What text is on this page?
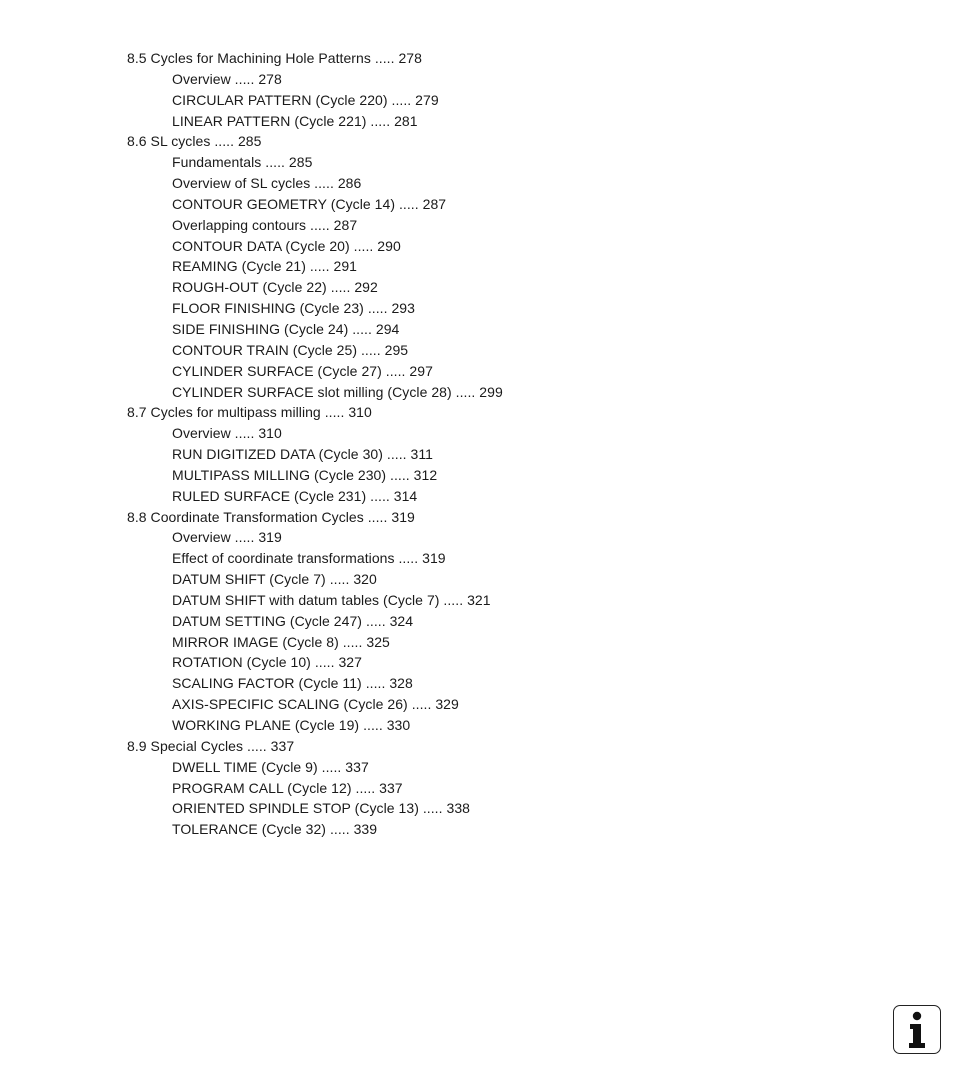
8.5 Cycles for Machining Hole Patterns ..... 278
Overview ..... 278
CIRCULAR PATTERN (Cycle 220) ..... 279
LINEAR PATTERN (Cycle 221) ..... 281
8.6 SL cycles ..... 285
Fundamentals ..... 285
Overview of SL cycles ..... 286
CONTOUR GEOMETRY (Cycle 14) ..... 287
Overlapping contours ..... 287
CONTOUR DATA (Cycle 20) ..... 290
REAMING (Cycle 21) ..... 291
ROUGH-OUT (Cycle 22) ..... 292
FLOOR FINISHING (Cycle 23) ..... 293
SIDE FINISHING (Cycle 24) ..... 294
CONTOUR TRAIN (Cycle 25) ..... 295
CYLINDER SURFACE (Cycle 27) ..... 297
CYLINDER SURFACE slot milling (Cycle 28) ..... 299
8.7 Cycles for multipass milling ..... 310
Overview ..... 310
RUN DIGITIZED DATA (Cycle 30) ..... 311
MULTIPASS MILLING (Cycle 230) ..... 312
RULED SURFACE (Cycle 231) ..... 314
8.8 Coordinate Transformation Cycles ..... 319
Overview ..... 319
Effect of coordinate transformations ..... 319
DATUM SHIFT (Cycle 7) ..... 320
DATUM SHIFT with datum tables (Cycle 7) ..... 321
DATUM SETTING (Cycle 247) ..... 324
MIRROR IMAGE (Cycle 8) ..... 325
ROTATION (Cycle 10) ..... 327
SCALING FACTOR (Cycle 11) ..... 328
AXIS-SPECIFIC SCALING (Cycle 26) ..... 329
WORKING PLANE (Cycle 19) ..... 330
8.9 Special Cycles ..... 337
DWELL TIME (Cycle 9) ..... 337
PROGRAM CALL (Cycle 12) ..... 337
ORIENTED SPINDLE STOP (Cycle 13) ..... 338
TOLERANCE (Cycle 32) ..... 339
